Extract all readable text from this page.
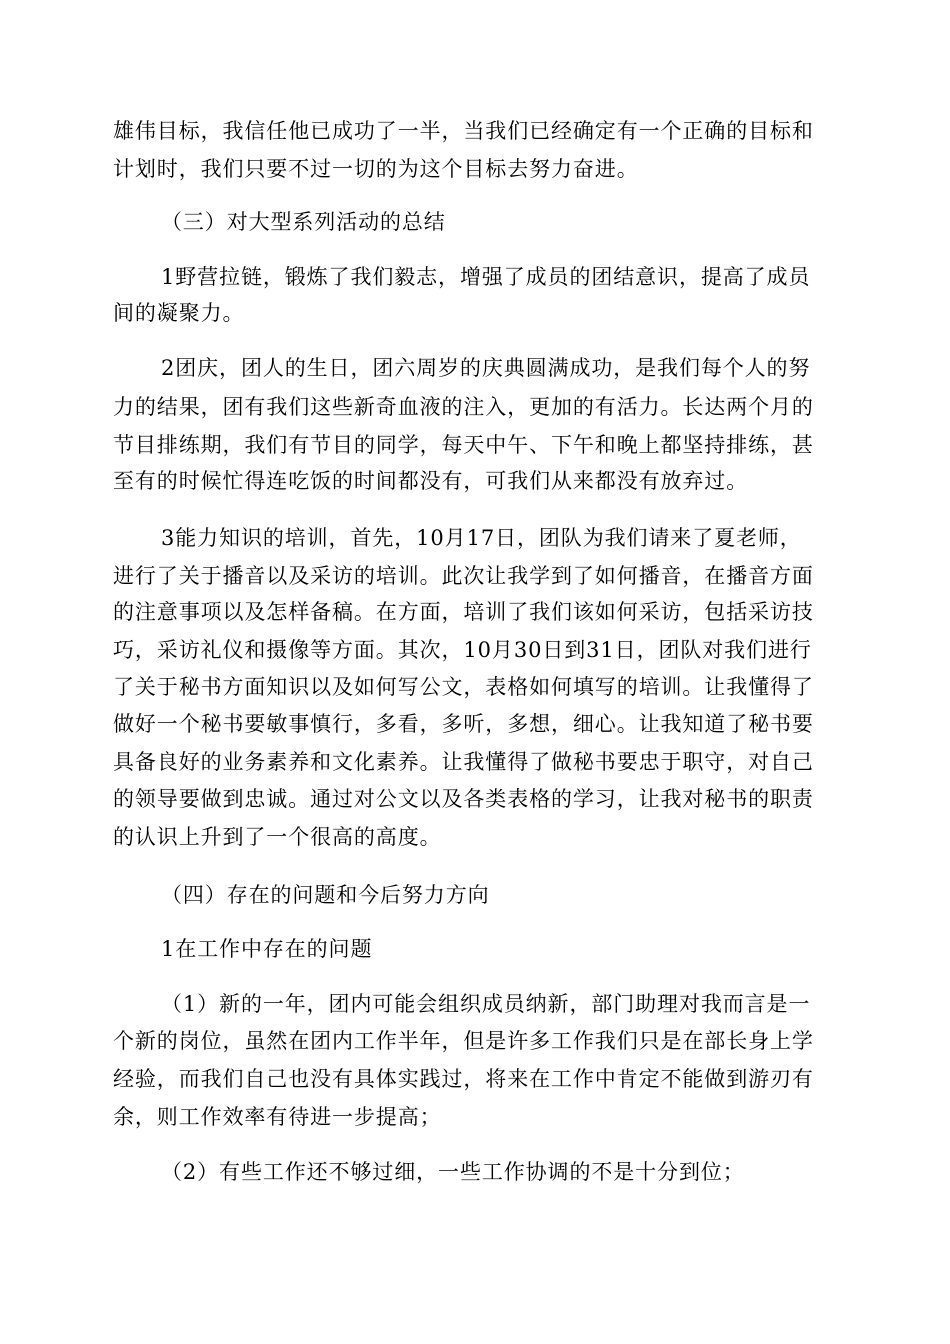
雄伟目标，我信任他已成功了一半，当我们已经确定有一个正确的目标和

计划时，我们只要不过一切的为这个目标去努力奋进。

（三）对大型系列活动的总结

1野营拉链，锻炼了我们毅志，增强了成员的团结意识，提高了成员

间的凝聚力。

2团庆，团人的生日，团六周岁的庆典圆满成功，是我们每个人的努

力的结果，团有我们这些新奇血液的注入，更加的有活力。长达两个月的

节目排练期，我们有节目的同学，每天中午、下午和晚上都坚持排练，甚

至有的时候忙得连吃饭的时间都没有，可我们从来都没有放弃过。

3能力知识的培训，首先，10月17日，团队为我们请来了夏老师，

进行了关于播音以及采访的培训。此次让我学到了如何播音，在播音方面

的注意事项以及怎样备稿。在方面，培训了我们该如何采访，包括采访技

巧，采访礼仪和摄像等方面。其次，10月30日到31日，团队对我们进行

了关于秘书方面知识以及如何写公文，表格如何填写的培训。让我懂得了

做好一个秘书要敏事慎行，多看，多听，多想，细心。让我知道了秘书要

具备良好的业务素养和文化素养。让我懂得了做秘书要忠于职守，对自己

的领导要做到忠诚。通过对公文以及各类表格的学习，让我对秘书的职责

的认识上升到了一个很高的高度。

（四）存在的问题和今后努力方向

1在工作中存在的问题

（1）新的一年，团内可能会组织成员纳新，部门助理对我而言是一

个新的岗位，虽然在团内工作半年，但是许多工作我们只是在部长身上学

经验，而我们自己也没有具体实践过，将来在工作中肯定不能做到游刃有

余，则工作效率有待进一步提高；

（2）有些工作还不够过细，一些工作协调的不是十分到位；
